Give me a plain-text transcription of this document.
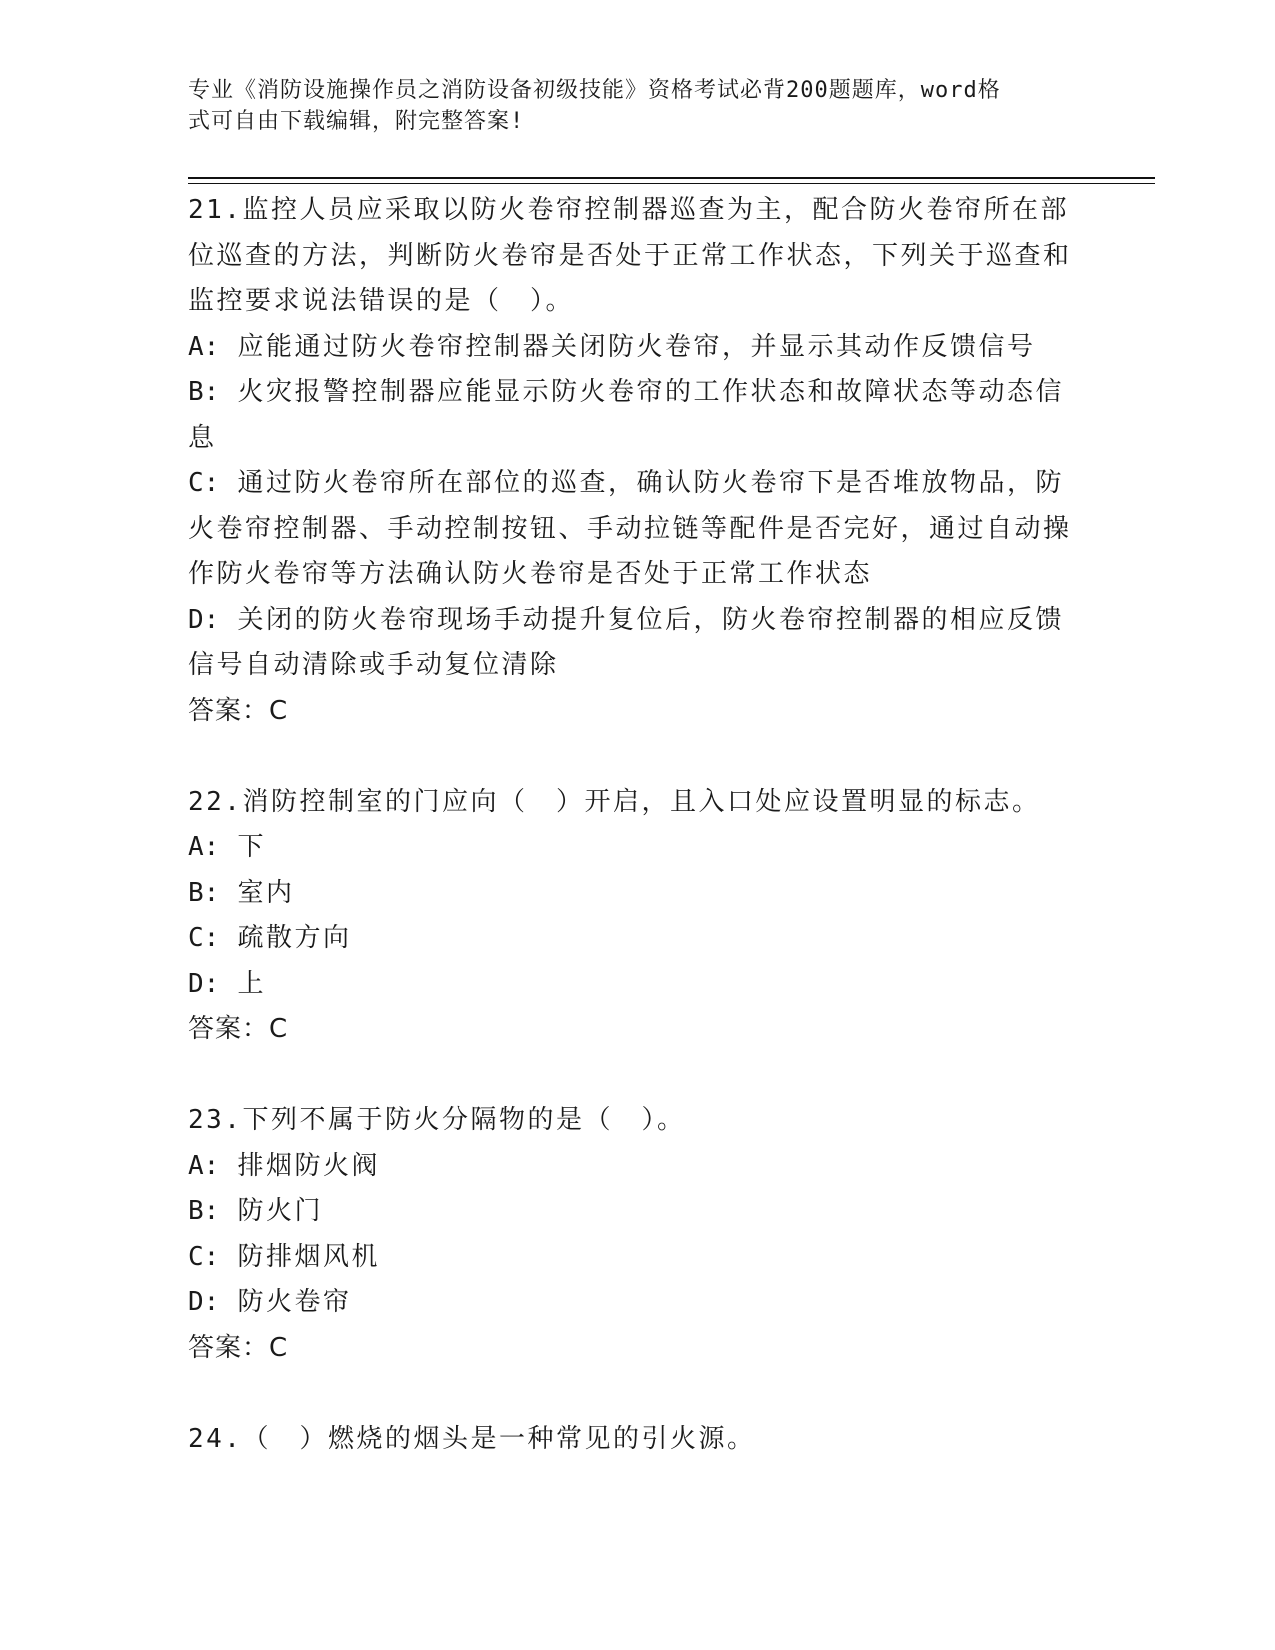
专业《消防设施操作员之消防设备初级技能》资格考试必背200题题库，word格
式可自由下载编辑，附完整答案!

21.监控人员应采取以防火卷帘控制器巡查为主，配合防火卷帘所在部位巡查的方法，判断防火卷帘是否处于正常工作状态，下列关于巡查和监控要求说法错误的是（　）。

A: 应能通过防火卷帘控制器关闭防火卷帘，并显示其动作反馈信号

B: 火灾报警控制器应能显示防火卷帘的工作状态和故障状态等动态信息

C: 通过防火卷帘所在部位的巡查，确认防火卷帘下是否堆放物品，防火卷帘控制器、手动控制按钮、手动拉链等配件是否完好，通过自动操作防火卷帘等方法确认防火卷帘是否处于正常工作状态

D: 关闭的防火卷帘现场手动提升复位后，防火卷帘控制器的相应反馈信号自动清除或手动复位清除

答案：C

22.消防控制室的门应向（　）开启，且入口处应设置明显的标志。

A: 下

B: 室内

C: 疏散方向

D: 上

答案：C

23.下列不属于防火分隔物的是（　）。

A: 排烟防火阀

B: 防火门

C: 防排烟风机

D: 防火卷帘

答案：C

24.（　）燃烧的烟头是一种常见的引火源。
